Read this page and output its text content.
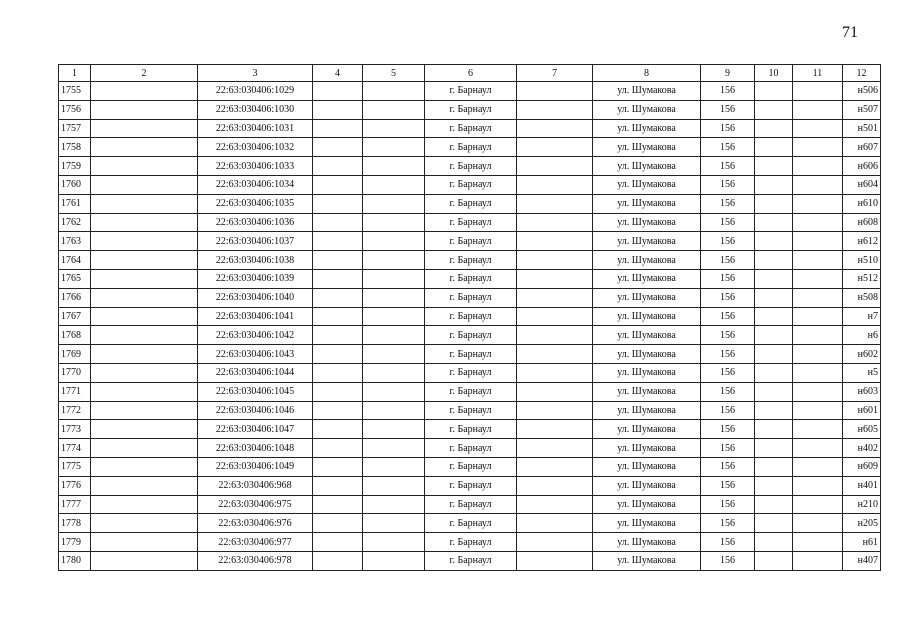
71
1	2	3	4	5	6	7	8	9	10	11	12
1755		22:63:030406:1029			г. Барнаул		ул. Шумакова	156			н506
1756		22:63:030406:1030			г. Барнаул		ул. Шумакова	156			н507
1757		22:63:030406:1031			г. Барнаул		ул. Шумакова	156			н501
1758		22:63:030406:1032			г. Барнаул		ул. Шумакова	156			н607
1759		22:63:030406:1033			г. Барнаул		ул. Шумакова	156			н606
1760		22:63:030406:1034			г. Барнаул		ул. Шумакова	156			н604
1761		22:63:030406:1035			г. Барнаул		ул. Шумакова	156			н610
1762		22:63:030406:1036			г. Барнаул		ул. Шумакова	156			н608
1763		22:63:030406:1037			г. Барнаул		ул. Шумакова	156			н612
1764		22:63:030406:1038			г. Барнаул		ул. Шумакова	156			н510
1765		22:63:030406:1039			г. Барнаул		ул. Шумакова	156			н512
1766		22:63:030406:1040			г. Барнаул		ул. Шумакова	156			н508
1767		22:63:030406:1041			г. Барнаул		ул. Шумакова	156			н7
1768		22:63:030406:1042			г. Барнаул		ул. Шумакова	156			н6
1769		22:63:030406:1043			г. Барнаул		ул. Шумакова	156			н602
1770		22:63:030406:1044			г. Барнаул		ул. Шумакова	156			н5
1771		22:63:030406:1045			г. Барнаул		ул. Шумакова	156			н603
1772		22:63:030406:1046			г. Барнаул		ул. Шумакова	156			н601
1773		22:63:030406:1047			г. Барнаул		ул. Шумакова	156			н605
1774		22:63:030406:1048			г. Барнаул		ул. Шумакова	156			н402
1775		22:63:030406:1049			г. Барнаул		ул. Шумакова	156			н609
1776		22:63:030406:968			г. Барнаул		ул. Шумакова	156			н401
1777		22:63:030406:975			г. Барнаул		ул. Шумакова	156			н210
1778		22:63:030406:976			г. Барнаул		ул. Шумакова	156			н205
1779		22:63:030406:977			г. Барнаул		ул. Шумакова	156			н61
1780		22:63:030406:978			г. Барнаул		ул. Шумакова	156			н407
